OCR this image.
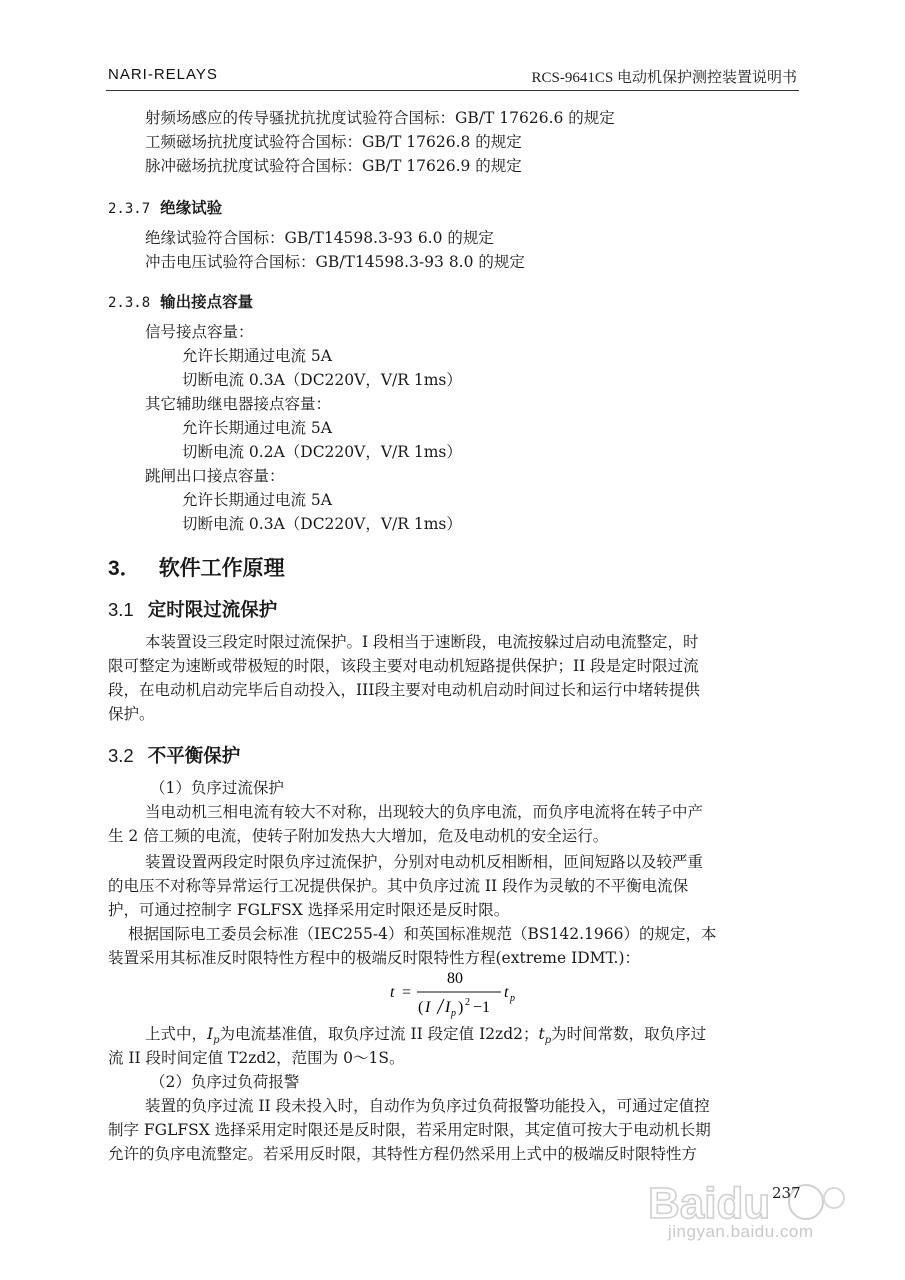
NARI-RELAYS	RCS-9641CS 电动机保护测控装置说明书
射频场感应的传导骚扰抗扰度试验符合国标：GB/T 17626.6 的规定
工频磁场抗扰度试验符合国标：GB/T 17626.8 的规定
脉冲磁场抗扰度试验符合国标：GB/T 17626.9 的规定
2.3.7 绝缘试验
绝缘试验符合国标：GB/T14598.3-93 6.0 的规定
冲击电压试验符合国标：GB/T14598.3-93 8.0 的规定
2.3.8 输出接点容量
信号接点容量：
允许长期通过电流 5A
切断电流 0.3A（DC220V，V/R 1ms）
其它辅助继电器接点容量：
允许长期通过电流 5A
切断电流 0.2A（DC220V，V/R 1ms）
跳闸出口接点容量：
允许长期通过电流 5A
切断电流 0.3A（DC220V，V/R 1ms）
3． 软件工作原理
3.1 定时限过流保护
本装置设三段定时限过流保护。I 段相当于速断段，电流按躲过启动电流整定，时
限可整定为速断或带极短的时限，该段主要对电动机短路提供保护；II 段是定时限过流
段，在电动机启动完毕后自动投入，III段主要对电动机启动时间过长和运行中堵转提供
保护。
3.2 不平衡保护
（1）负序过流保护
当电动机三相电流有较大不对称，出现较大的负序电流，而负序电流将在转子中产
生 2 倍工频的电流，使转子附加发热大大增加，危及电动机的安全运行。
装置设置两段定时限负序过流保护，分别对电动机反相断相，匝间短路以及较严重
的电压不对称等异常运行工况提供保护。其中负序过流 II 段作为灵敏的不平衡电流保
护，可通过控制字 FGLFSX 选择采用定时限还是反时限。
根据国际电工委员会标准（IEC255-4）和英国标准规范（BS142.1966）的规定，本
装置采用其标准反时限特性方程中的极端反时限特性方程(extreme IDMT.)：
t =
80
( I I p ) 2 −1
t p
上式中，$I_p$为电流基准值，取负序过流 II 段定值 I2zd2；$t_p$为时间常数，取负序过
流 II 段时间定值 T2zd2，范围为 0～1S。
（2）负序过负荷报警
装置的负序过流 II 段未投入时，自动作为负序过负荷报警功能投入，可通过定值控
制字 FGLFSX 选择采用定时限还是反时限，若采用定时限，其定值可按大于电动机长期
允许的负序电流整定。若采用反时限，其特性方程仍然采用上式中的极端反时限特性方
Baidu 237
jingyan.baidu.com
